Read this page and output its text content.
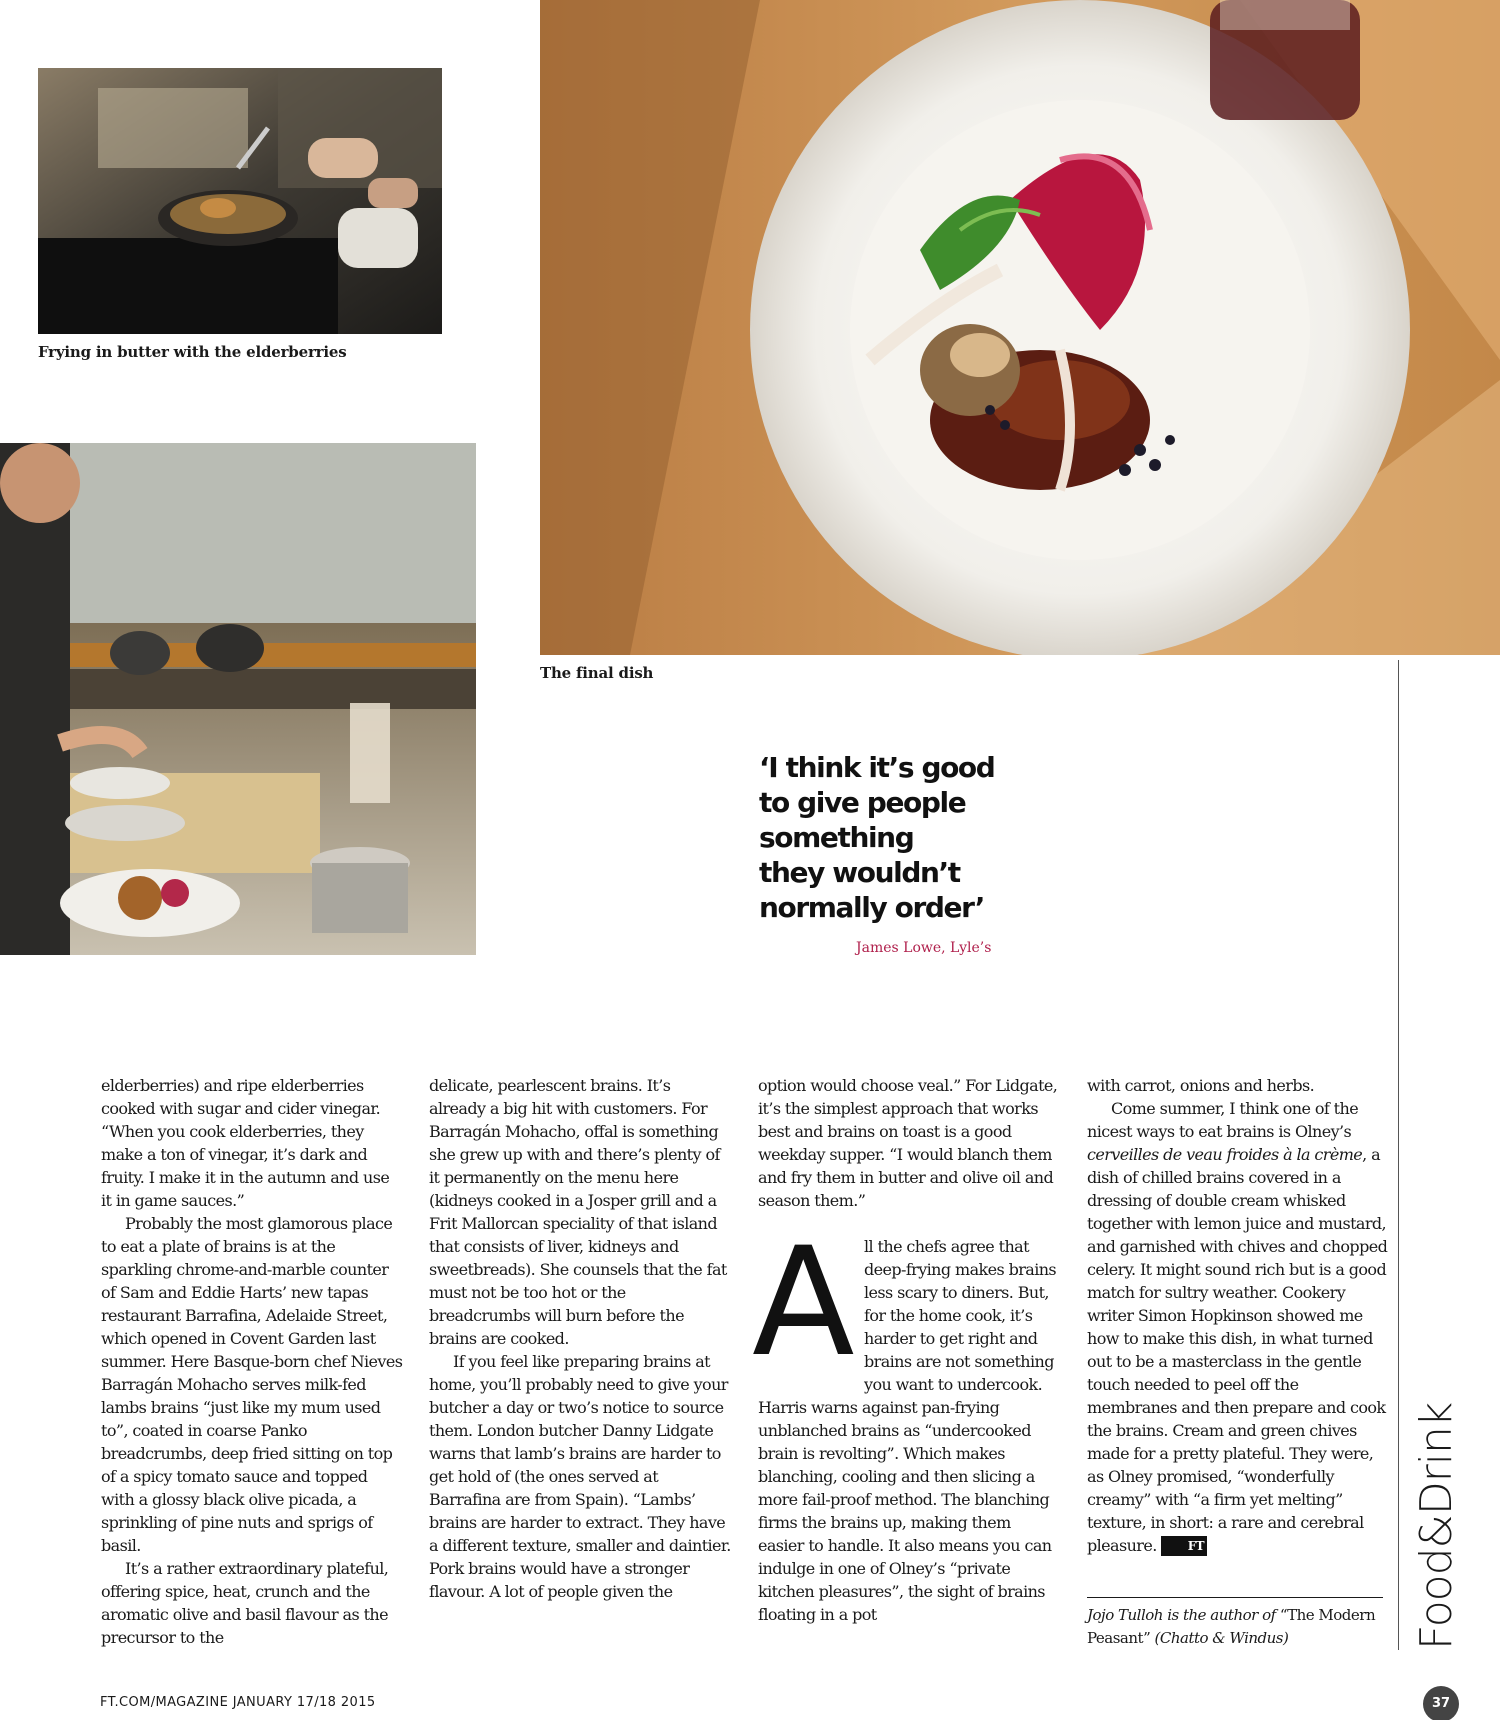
Frying in butter with the elderberries
The final dish
‘I think it’s good
to give people
something
they wouldn’t
normally order’
James Lowe, Lyle’s

elderberries) and ripe elderberries cooked with sugar and cider vinegar. “When you cook elderberries, they make a ton of vinegar, it’s dark and fruity. I make it in the autumn and use it in game sauces.”

Probably the most glamorous place to eat a plate of brains is at the sparkling chrome-and-marble counter of Sam and Eddie Harts’ new tapas restaurant Barrafina, Adelaide Street, which opened in Covent Garden last summer. Here Basque-born chef Nieves Barragán Mohacho serves milk-fed lambs brains “just like my mum used to”, coated in coarse Panko breadcrumbs, deep fried sitting on top of a spicy tomato sauce and topped with a glossy black olive picada, a sprinkling of pine nuts and sprigs of basil.

It’s a rather extraordinary plateful, offering spice, heat, crunch and the aromatic olive and basil flavour as the precursor to the

delicate, pearlescent brains. It’s already a big hit with customers. For Barragán Mohacho, offal is something she grew up with and there’s plenty of it permanently on the menu here (kidneys cooked in a Josper grill and a Frit Mallorcan speciality of that island that consists of liver, kidneys and sweetbreads). She counsels that the fat must not be too hot or the breadcrumbs will burn before the brains are cooked.

If you feel like preparing brains at home, you’ll probably need to give your butcher a day or two’s notice to source them. London butcher Danny Lidgate warns that lamb’s brains are harder to get hold of (the ones served at Barrafina are from Spain). “Lambs’ brains are harder to extract. They have a different texture, smaller and daintier. Pork brains would have a stronger flavour. A lot of people given the

option would choose veal.” For Lidgate, it’s the simplest approach that works best and brains on toast is a good weekday supper. “I would blanch them and fry them in butter and olive oil and season them.”

All the chefs agree that deep-frying makes brains less scary to diners. But, for the home cook, it’s harder to get right and brains are not something you want to undercook. Harris warns against pan-frying unblanched brains as “undercooked brain is revolting”. Which makes blanching, cooling and then slicing a more fail-proof method. The blanching firms the brains up, making them easier to handle. It also means you can indulge in one of Olney’s “private kitchen pleasures”, the sight of brains floating in a pot

with carrot, onions and herbs.

Come summer, I think one of the nicest ways to eat brains is Olney’s cerveilles de veau froides à la crème, a dish of chilled brains covered in a dressing of double cream whisked together with lemon juice and mustard, and garnished with chives and chopped celery. It might sound rich but is a good match for sultry weather. Cookery writer Simon Hopkinson showed me how to make this dish, in what turned out to be a masterclass in the gentle touch needed to peel off the membranes and then prepare and cook the brains. Cream and green chives made for a pretty plateful. They were, as Olney promised, “wonderfully creamy” with “a firm yet melting” texture, in short: a rare and cerebral pleasure.	FT

Jojo Tulloh is the author of “The Modern Peasant” (Chatto & Windus)	Food&Drink
FT.COM/MAGAZINE JANUARY 17/18 2015	37
